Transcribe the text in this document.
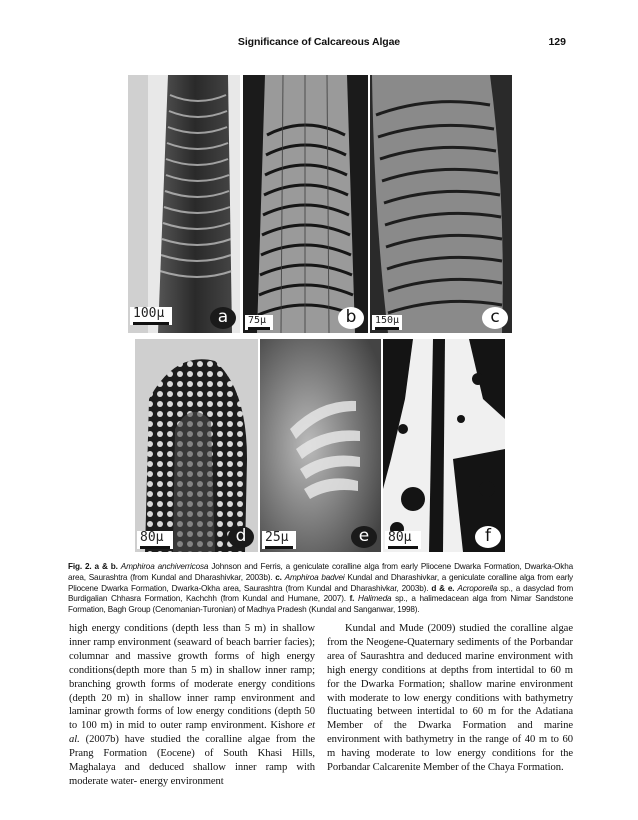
Significance of Calcareous Algae	129
100µ	a	75µ	b	150µ	c
80µ	d	25µ	e	80µ	f
Fig. 2. a & b. Amphiroa anchiverricosa Johnson and Ferris, a geniculate coralline alga from early Pliocene Dwarka Formation, Dwarka-Okha area, Saurashtra (from Kundal and Dharashivkar, 2003b). c. Amphiroa badvei Kundal and Dharashivkar, a geniculate coralline alga from early Pliocene Dwarka Formation, Dwarka-Okha area, Saurashtra (from Kundal and Dharashivkar, 2003b). d & e. Acroporella sp., a dasyclad from Burdigalian Chhasra Formation, Kachchh (from Kundal and Humane, 2007). f. Halimeda sp., a halimedacean alga from Nimar Sandstone Formation, Bagh Group (Cenomanian-Turonian) of Madhya Pradesh (Kundal and Sanganwar, 1998).
high energy conditions (depth less than 5 m) in shallow inner ramp environment (seaward of beach barrier facies); columnar and massive growth forms of high energy conditions(depth more than 5 m) in shallow inner ramp; branching growth forms of moderate energy conditions (depth 20 m) in shallow inner ramp environment and laminar growth forms of low energy conditions (depth 50 to 100 m) in mid to outer ramp environment. Kishore et al. (2007b) have studied the coralline algae from the Prang Formation (Eocene) of South Khasi Hills, Maghalaya and deduced shallow inner ramp with moderate water- energy environment
Kundal and Mude (2009) studied the coralline algae from the Neogene-Quaternary sediments of the Porbandar area of Saurashtra and deduced marine environment with high energy conditions at depths from intertidal to 60 m for the Dwarka Formation; shallow marine environment with moderate to low energy conditions with bathymetry fluctuating between intertidal to 60 m for the Adatiana Member of the Dwarka Formation and marine environment with bathymetry in the range of 40 m to 60 m having moderate to low energy conditions for the Porbandar Calcarenite Member of the Chaya Formation.
